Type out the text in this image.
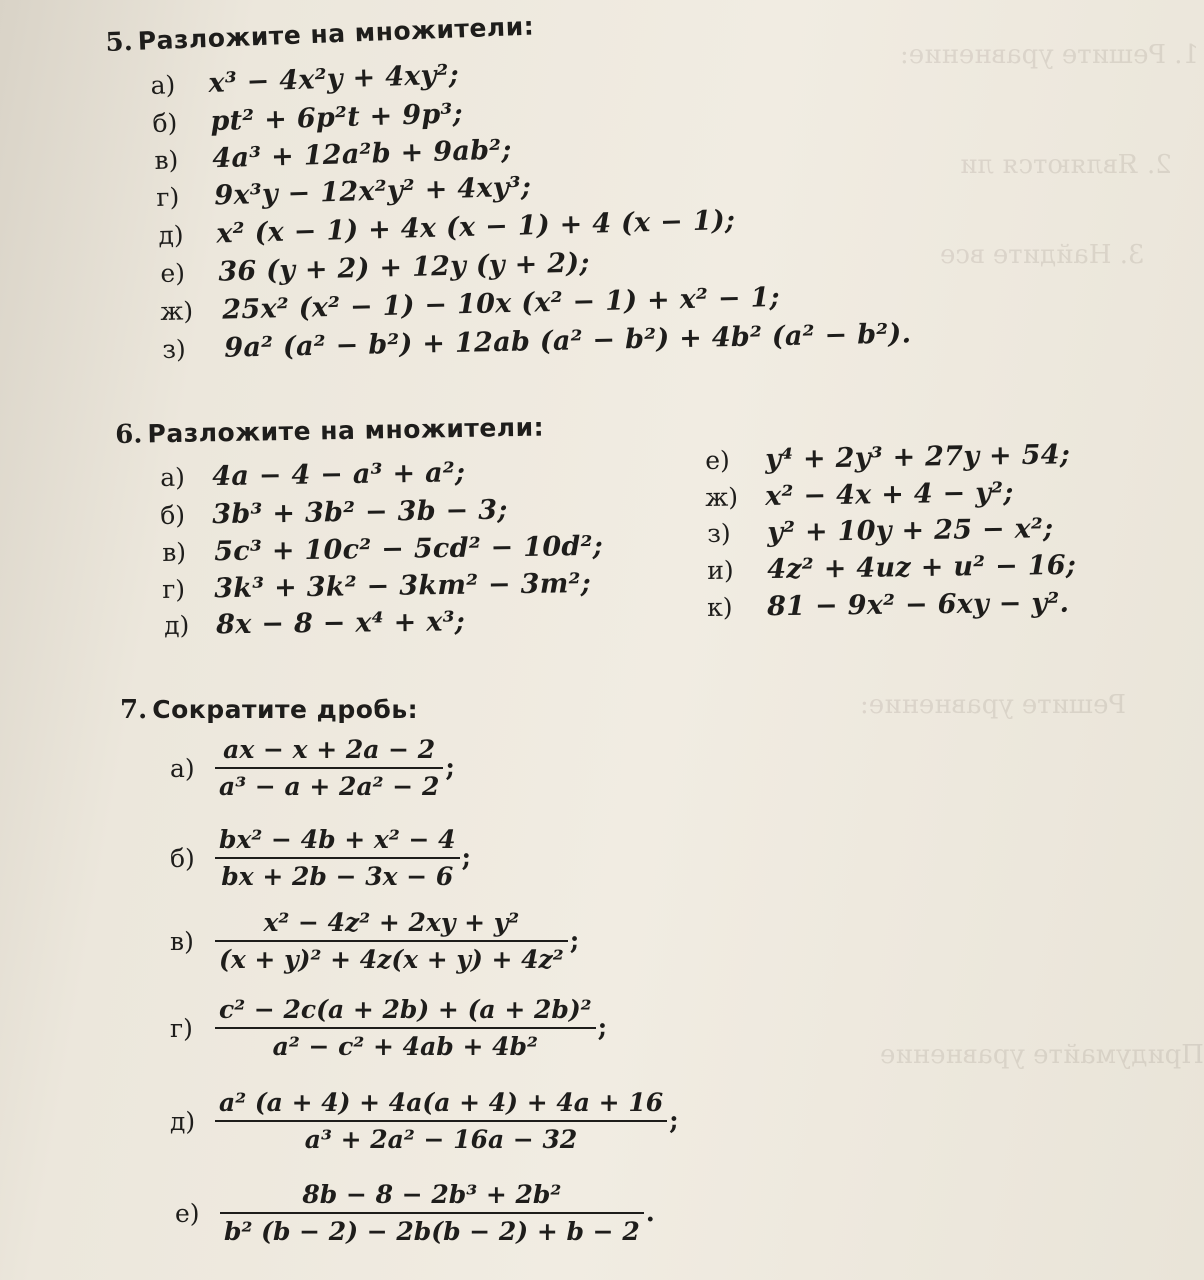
1. Решите уравнение:
2. Являются ли
3. Найдите все
Решите уравнение:
Придумайте уравнение
5. Разложите на множители:
а) x³ − 4x²y + 4xy²;
б) pt² + 6p²t + 9p³;
в) 4a³ + 12a²b + 9ab²;
г) 9x³y − 12x²y² + 4xy³;
д) x² (x − 1) + 4x (x − 1) + 4 (x − 1);
е) 36 (y + 2) + 12y (y + 2);
ж) 25x² (x² − 1) − 10x (x² − 1) + x² − 1;
з) 9a² (a² − b²) + 12ab (a² − b²) + 4b² (a² − b²).
6. Разложите на множители:
а) 4a − 4 − a³ + a²;
б) 3b³ + 3b² − 3b − 3;
в) 5c³ + 10c² − 5cd² − 10d²;
г) 3k³ + 3k² − 3km² − 3m²;
д) 8x − 8 − x⁴ + x³;
е) y⁴ + 2y³ + 27y + 54;
ж) x² − 4x + 4 − y²;
з) y² + 10y + 25 − x²;
и) 4z² + 4uz + u² − 16;
к) 81 − 9x² − 6xy − y².
7. Сократите дробь:
а)
ax − x + 2a − 2
a³ − a + 2a² − 2
;
б)
bx² − 4b + x² − 4
bx + 2b − 3x − 6
;
в)
x² − 4z² + 2xy + y²
(x + y)² + 4z(x + y) + 4z²
;
г)
c² − 2c(a + 2b) + (a + 2b)²
a² − c² + 4ab + 4b²
;
д)
a² (a + 4) + 4a(a + 4) + 4a + 16
a³ + 2a² − 16a − 32
;
е)
8b − 8 − 2b³ + 2b²
b² (b − 2) − 2b(b − 2) + b − 2
.
